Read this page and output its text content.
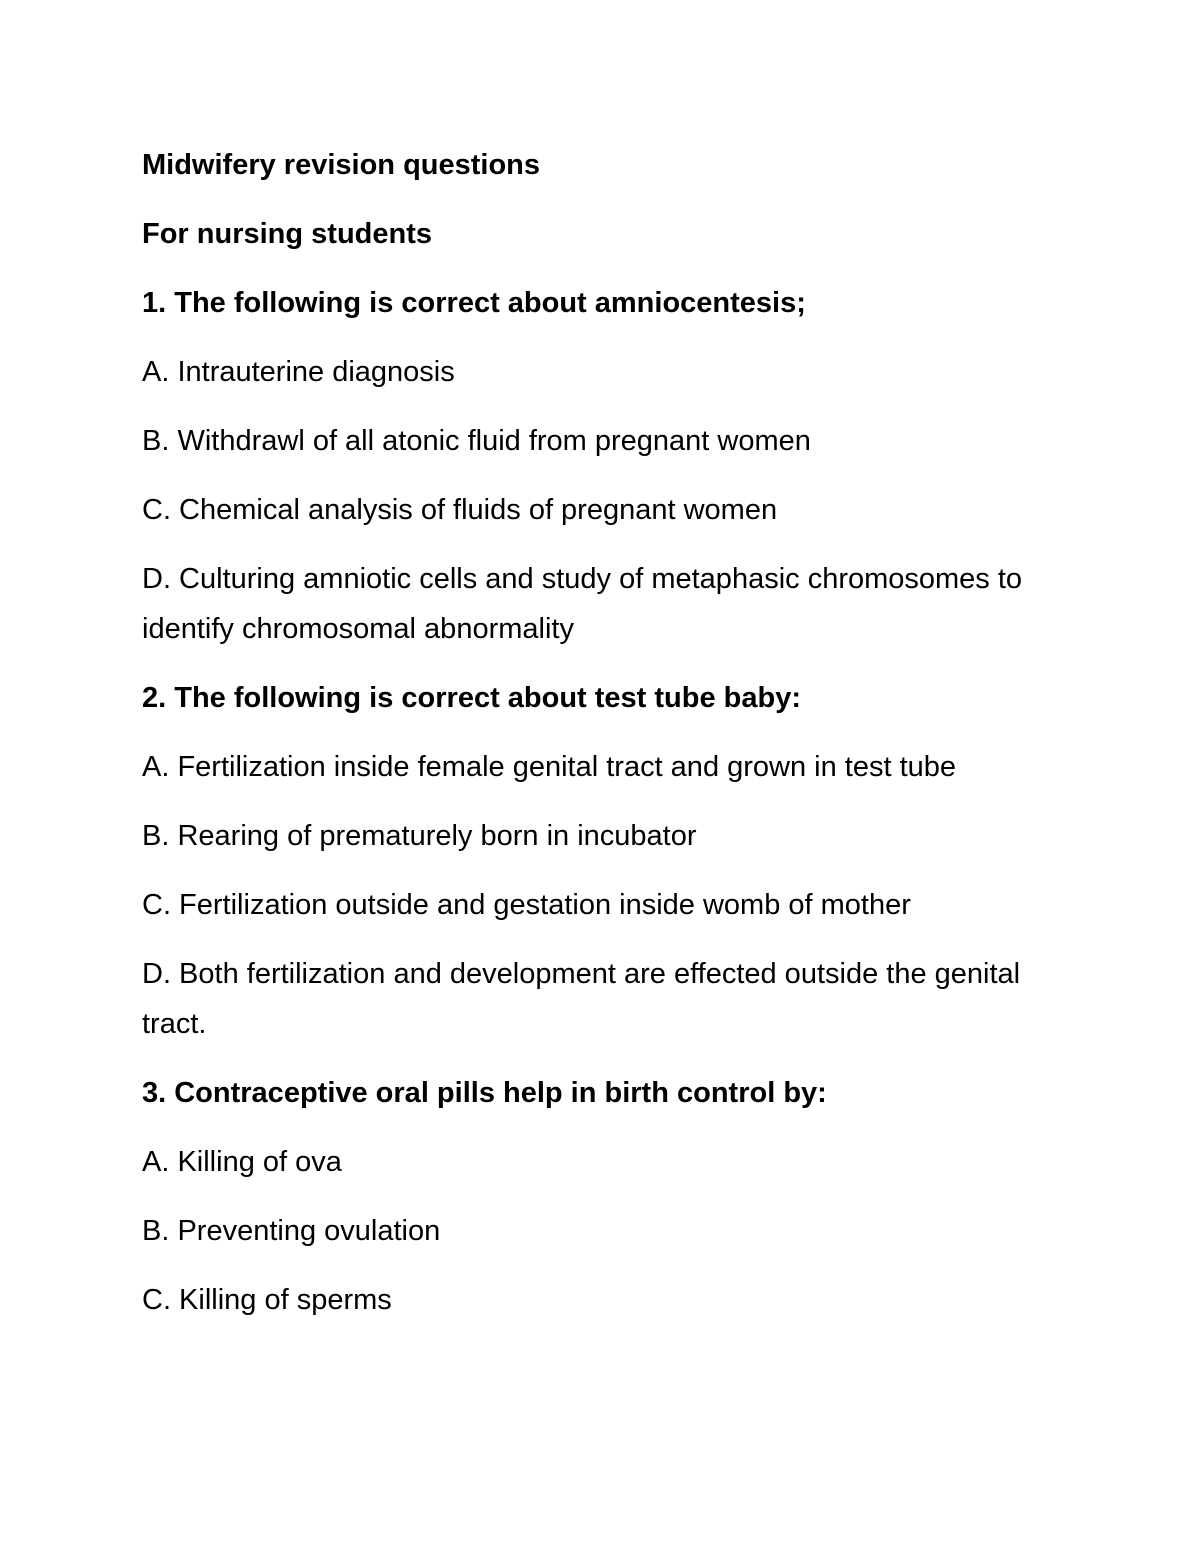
Midwifery revision questions

For nursing students

1. The following is correct about amniocentesis;

A. Intrauterine diagnosis

B. Withdrawl of all atonic fluid from pregnant women

C. Chemical analysis of fluids of pregnant women

D. Culturing amniotic cells and study of metaphasic chromosomes to identify chromosomal abnormality

2. The following is correct about test tube baby:

A. Fertilization inside female genital tract and grown in test tube

B. Rearing of prematurely born in incubator

C. Fertilization outside and gestation inside womb of mother

D. Both fertilization and development are effected outside the genital tract.

3. Contraceptive oral pills help in birth control by:

A. Killing of ova

B. Preventing ovulation

C. Killing of sperms
